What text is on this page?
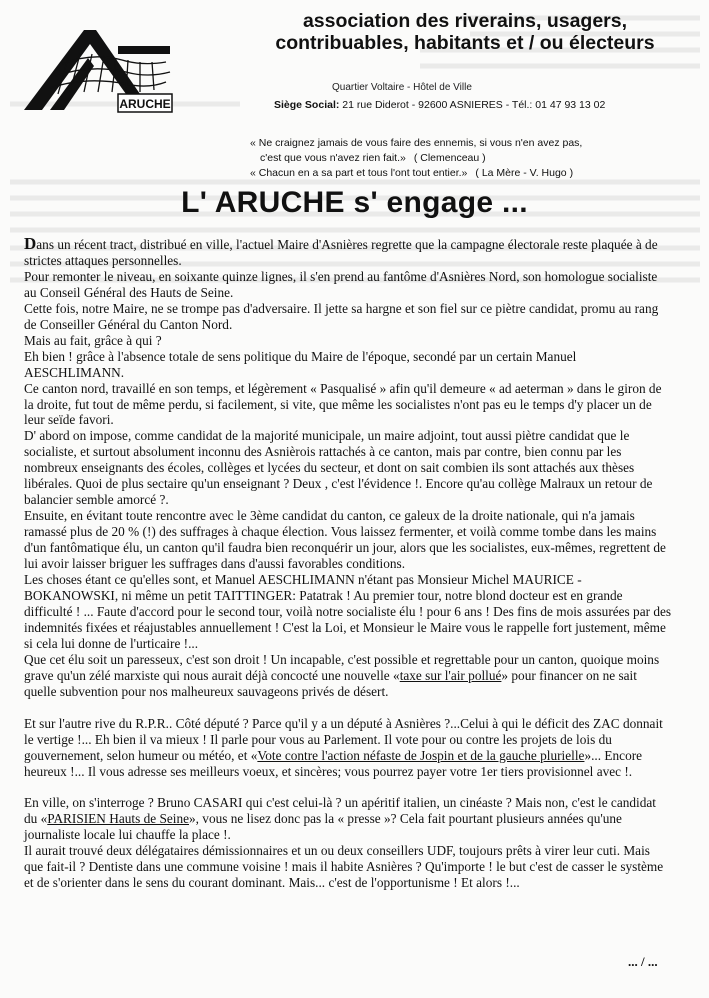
ARUCHE
association des riverains, usagers,
contribuables, habitants et / ou électeurs
Quartier Voltaire - Hôtel de Ville
Siège Social: 21 rue Diderot - 92600 ASNIERES - Tél.: 01 47 93 13 02
« Ne craignez jamais de vous faire des ennemis, si vous n'en avez pas,
c'est que vous n'avez rien fait.» ( Clemenceau )
« Chacun en a sa part et tous l'ont tout entier.» ( La Mère - V. Hugo )
L' ARUCHE s' engage ...

Dans un récent tract, distribué en ville, l'actuel Maire d'Asnières regrette que la campagne électorale reste plaquée à de strictes attaques personnelles.

Pour remonter le niveau, en soixante quinze lignes, il s'en prend au fantôme d'Asnières Nord, son homologue socialiste au Conseil Général des Hauts de Seine.

Cette fois, notre Maire, ne se trompe pas d'adversaire. Il jette sa hargne et son fiel sur ce piètre candidat, promu au rang de Conseiller Général du Canton Nord.

Mais au fait, grâce à qui ?

Eh bien ! grâce à l'absence totale de sens politique du Maire de l'époque, secondé par un certain Manuel AESCHLIMANN.

Ce canton nord, travaillé en son temps, et légèrement « Pasqualisé » afin qu'il demeure « ad aeterman » dans le giron de la droite, fut tout de même perdu, si facilement, si vite, que même les socialistes n'ont pas eu le temps d'y placer un de leur seïde favori.

D' abord on impose, comme candidat de la majorité municipale, un maire adjoint, tout aussi piètre candidat que le socialiste, et surtout absolument inconnu des Asnièrois rattachés à ce canton, mais par contre, bien connu par les nombreux enseignants des écoles, collèges et lycées du secteur, et dont on sait combien ils sont attachés aux thèses libérales. Quoi de plus sectaire qu'un enseignant ? Deux , c'est l'évidence !. Encore qu'au collège Malraux un retour de balancier semble amorcé ?.

Ensuite, en évitant toute rencontre avec le 3ème candidat du canton, ce galeux de la droite nationale, qui n'a jamais ramassé plus de 20 % (!) des suffrages à chaque élection. Vous laissez fermenter, et voilà comme tombe dans les mains d'un fantômatique élu, un canton qu'il faudra bien reconquérir un jour, alors que les socialistes, eux-mêmes, regrettent de lui avoir laisser briguer les suffrages dans d'aussi favorables conditions.

Les choses étant ce qu'elles sont, et Manuel AESCHLIMANN n'étant pas Monsieur Michel MAURICE - BOKANOWSKI, ni même un petit TAITTINGER: Patatrak ! Au premier tour, notre blond docteur est en grande difficulté ! ... Faute d'accord pour le second tour, voilà notre socialiste élu ! pour 6 ans ! Des fins de mois assurées par des indemnités fixées et réajustables annuellement ! C'est la Loi, et Monsieur le Maire vous le rappelle fort justement, même si cela lui donne de l'urticaire !...

Que cet élu soit un paresseux, c'est son droit ! Un incapable, c'est possible et regrettable pour un canton, quoique moins grave qu'un zélé marxiste qui nous aurait déjà concocté une nouvelle «taxe sur l'air pollué» pour financer on ne sait quelle subvention pour nos malheureux sauvageons privés de désert.

Et sur l'autre rive du R.P.R.. Côté député ? Parce qu'il y a un député à Asnières ?...Celui à qui le déficit des ZAC donnait le vertige !... Eh bien il va mieux ! Il parle pour vous au Parlement. Il vote pour ou contre les projets de lois du gouvernement, selon humeur ou météo, et «Vote contre l'action néfaste de Jospin et de la gauche plurielle»... Encore heureux !... Il vous adresse ses meilleurs voeux, et sincères; vous pourrez payer votre 1er tiers provisionnel avec !.

En ville, on s'interroge ? Bruno CASARI qui c'est celui-là ? un apéritif italien, un cinéaste ? Mais non, c'est le candidat du «PARISIEN Hauts de Seine», vous ne lisez donc pas la « presse »? Cela fait pourtant plusieurs années qu'une journaliste locale lui chauffe la place !.

Il aurait trouvé deux délégataires démissionnaires et un ou deux conseillers UDF, toujours prêts à virer leur cuti. Mais que fait-il ? Dentiste dans une commune voisine ! mais il habite Asnières ? Qu'importe ! le but c'est de casser le système et de s'orienter dans le sens du courant dominant. Mais... c'est de l'opportunisme ! Et alors !...

... / ...
